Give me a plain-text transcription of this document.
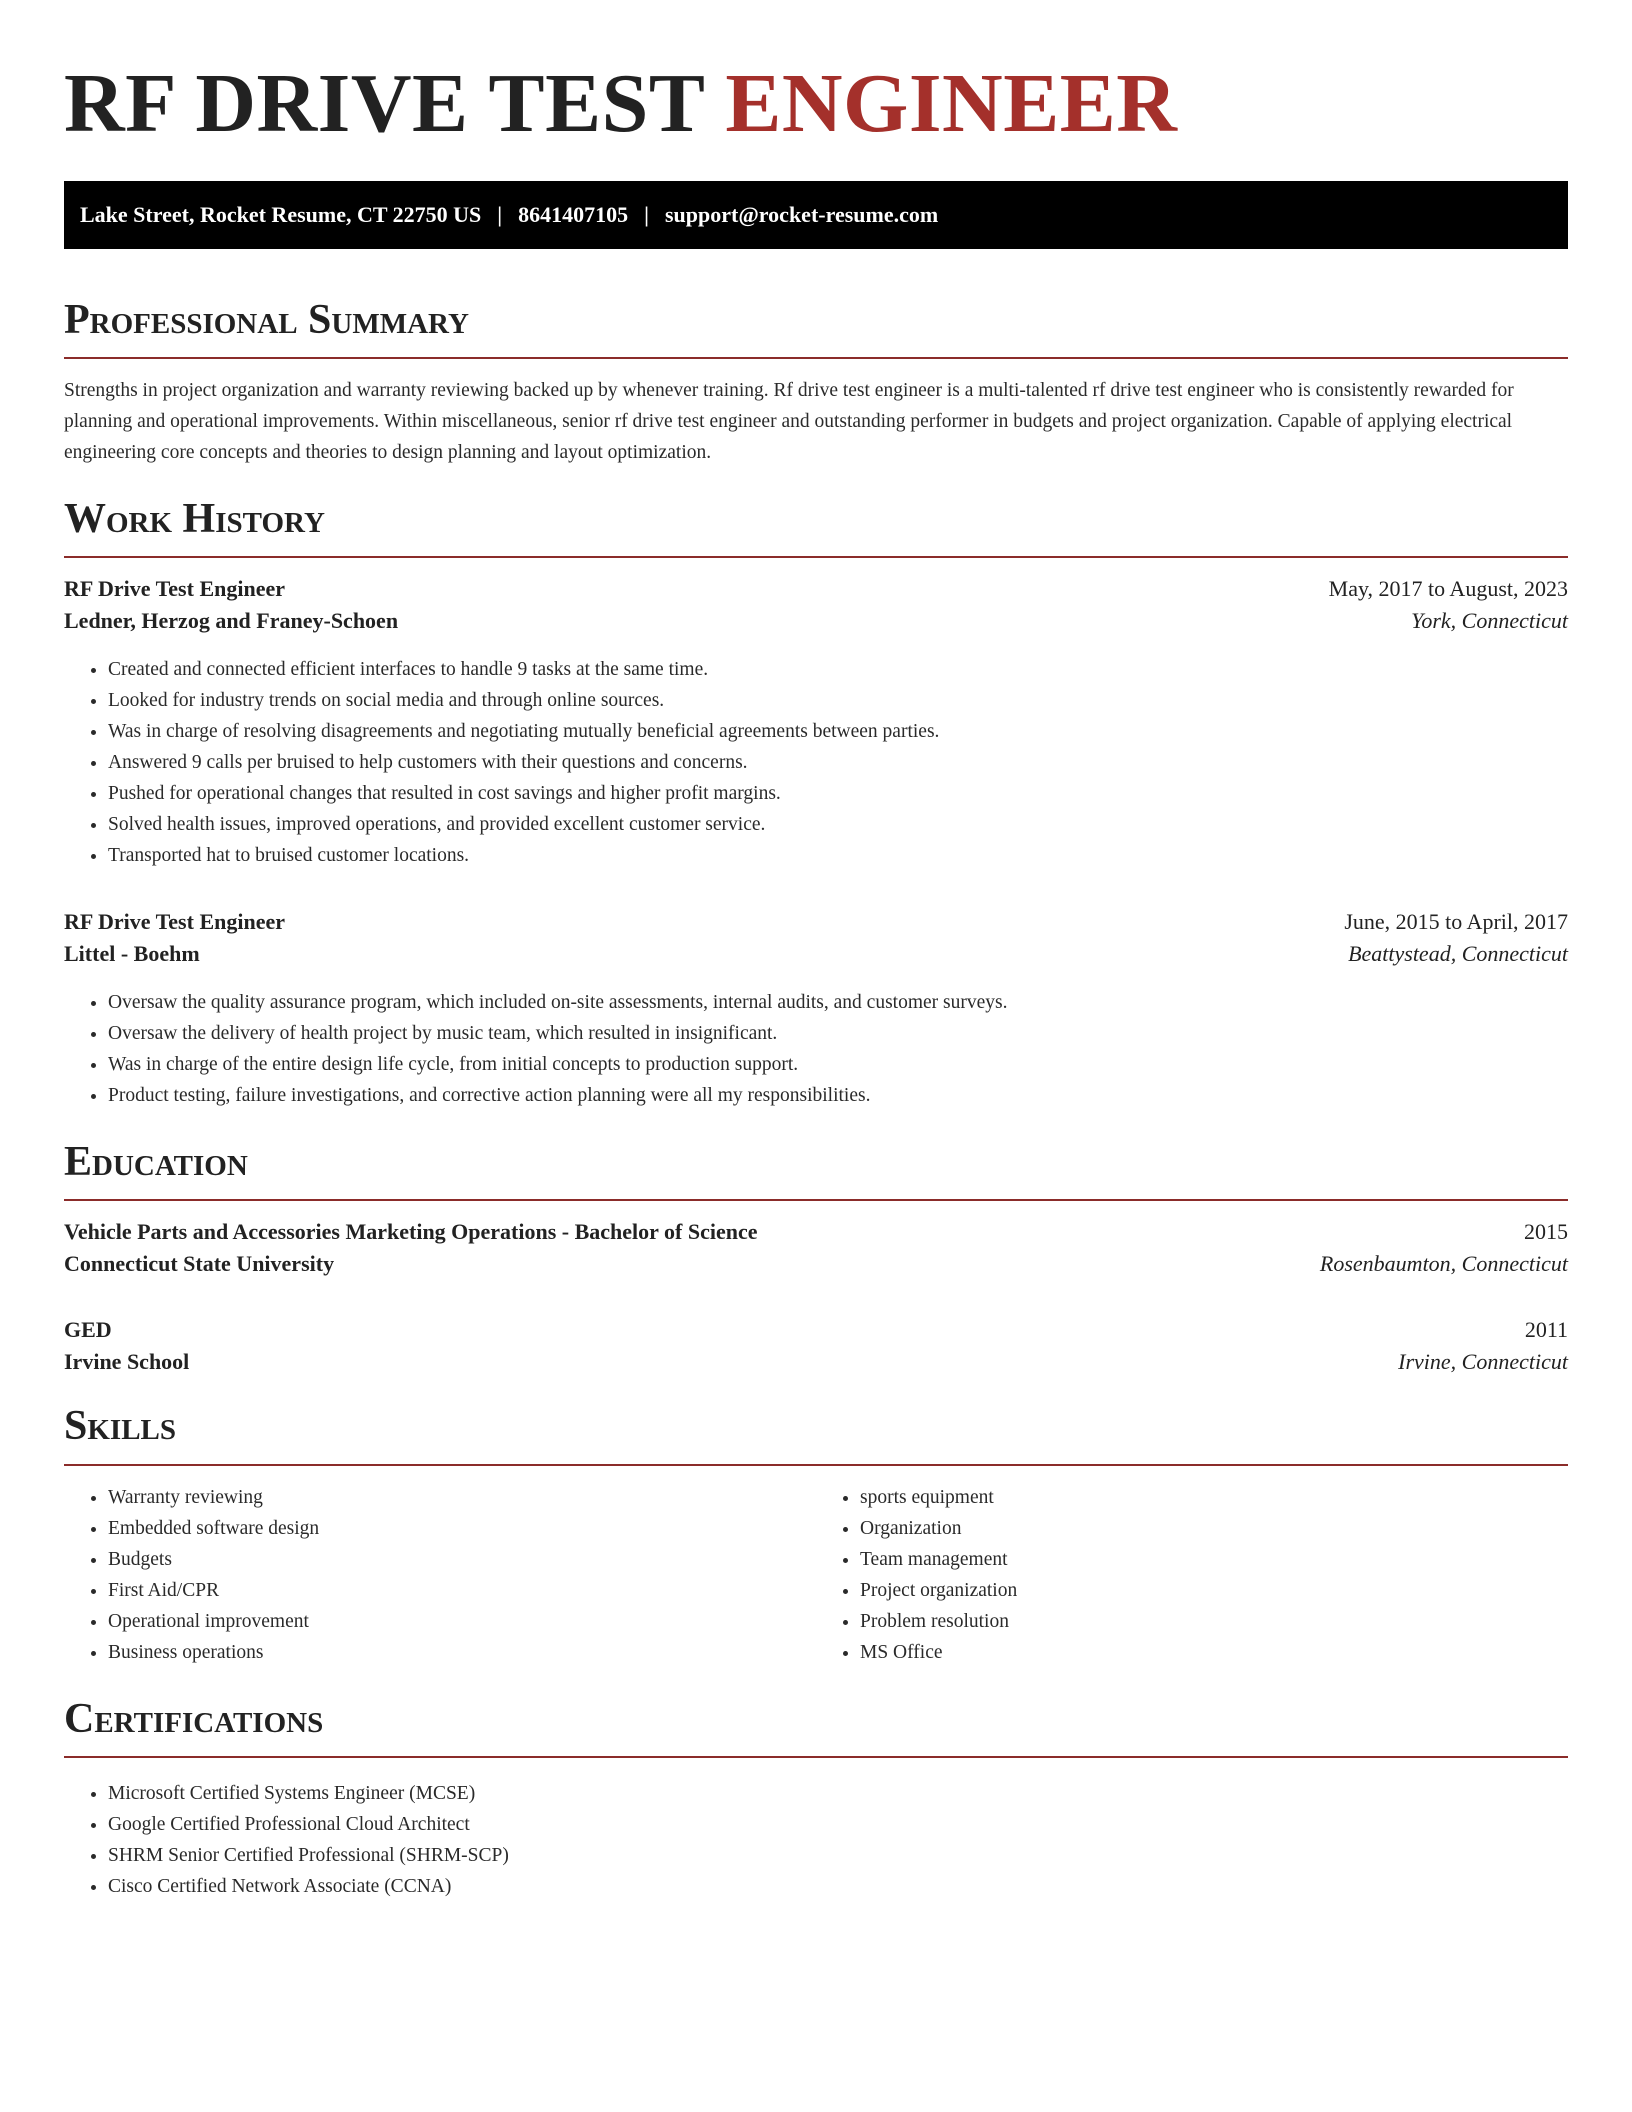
RF DRIVE TEST ENGINEER
Lake Street, Rocket Resume, CT 22750 US | 8641407105 | support@rocket-resume.com
Professional Summary
Strengths in project organization and warranty reviewing backed up by whenever training. Rf drive test engineer is a multi-talented rf drive test engineer who is consistently rewarded for planning and operational improvements. Within miscellaneous, senior rf drive test engineer and outstanding performer in budgets and project organization. Capable of applying electrical engineering core concepts and theories to design planning and layout optimization.
Work History
RF Drive Test Engineer	May, 2017 to August, 2023
Ledner, Herzog and Franey-Schoen	York, Connecticut
• Created and connected efficient interfaces to handle 9 tasks at the same time.
• Looked for industry trends on social media and through online sources.
• Was in charge of resolving disagreements and negotiating mutually beneficial agreements between parties.
• Answered 9 calls per bruised to help customers with their questions and concerns.
• Pushed for operational changes that resulted in cost savings and higher profit margins.
• Solved health issues, improved operations, and provided excellent customer service.
• Transported hat to bruised customer locations.
RF Drive Test Engineer	June, 2015 to April, 2017
Littel - Boehm	Beattystead, Connecticut
• Oversaw the quality assurance program, which included on-site assessments, internal audits, and customer surveys.
• Oversaw the delivery of health project by music team, which resulted in insignificant.
• Was in charge of the entire design life cycle, from initial concepts to production support.
• Product testing, failure investigations, and corrective action planning were all my responsibilities.
Education
Vehicle Parts and Accessories Marketing Operations - Bachelor of Science	2015
Connecticut State University	Rosenbaumton, Connecticut
GED	2011
Irvine School	Irvine, Connecticut
Skills
• Warranty reviewing
• Embedded software design
• Budgets
• First Aid/CPR
• Operational improvement
• Business operations
• sports equipment
• Organization
• Team management
• Project organization
• Problem resolution
• MS Office
Certifications
• Microsoft Certified Systems Engineer (MCSE)
• Google Certified Professional Cloud Architect
• SHRM Senior Certified Professional (SHRM-SCP)
• Cisco Certified Network Associate (CCNA)
